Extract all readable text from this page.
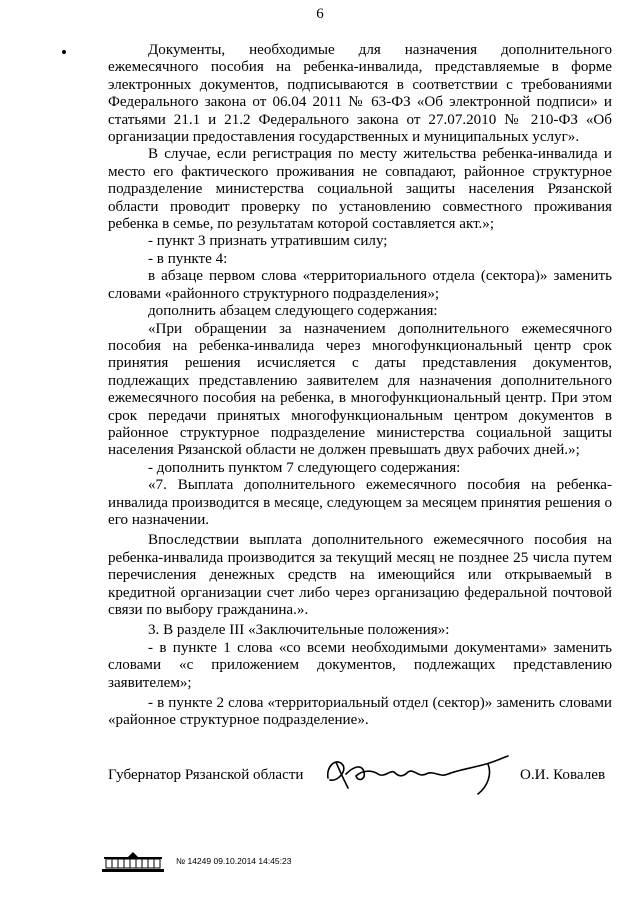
6

Документы, необходимые для назначения дополнительного ежемесячного пособия на ребенка-инвалида, представляемые в форме электронных документов, подписываются в соответствии с требованиями Федерального закона от 06.04 2011 № 63-ФЗ «Об электронной подписи» и статьями 21.1 и 21.2 Федерального закона от 27.07.2010 № 210-ФЗ «Об организации предоставления государственных и муниципальных услуг».

В случае, если регистрация по месту жительства ребенка-инвалида и место его фактического проживания не совпадают, районное структурное подразделение министерства социальной защиты населения Рязанской области проводит проверку по установлению совместного проживания ребенка в семье, по результатам которой составляется акт.»;

- пункт 3 признать утратившим силу;

- в пункте 4:

в абзаце первом слова «территориального отдела (сектора)» заменить словами «районного структурного подразделения»;

дополнить абзацем следующего содержания:

«При обращении за назначением дополнительного ежемесячного пособия на ребенка-инвалида через многофункциональный центр срок принятия решения исчисляется с даты представления документов, подлежащих представлению заявителем для назначения дополнительного ежемесячного пособия на ребенка, в многофункциональный центр. При этом срок передачи принятых многофункциональным центром документов в районное структурное подразделение министерства социальной защиты населения Рязанской области не должен превышать двух рабочих дней.»;

- дополнить пунктом 7 следующего содержания:

«7. Выплата дополнительного ежемесячного пособия на ребенка-инвалида производится в месяце, следующем за месяцем принятия решения о его назначении.

Впоследствии выплата дополнительного ежемесячного пособия на ребенка-инвалида производится за текущий месяц не позднее 25 числа путем перечисления денежных средств на имеющийся или открываемый в кредитной организации счет либо через организацию федеральной почтовой связи по выбору гражданина.».

3. В разделе III «Заключительные положения»:

- в пункте 1 слова «со всеми необходимыми документами» заменить словами «с приложением документов, подлежащих представлению заявителем»;

- в пункте 2 слова «территориальный отдел (сектор)» заменить словами «районное структурное подразделение».

Губернатор Рязанской области	О.И. Ковалев
№ 14249 09.10.2014 14:45:23
